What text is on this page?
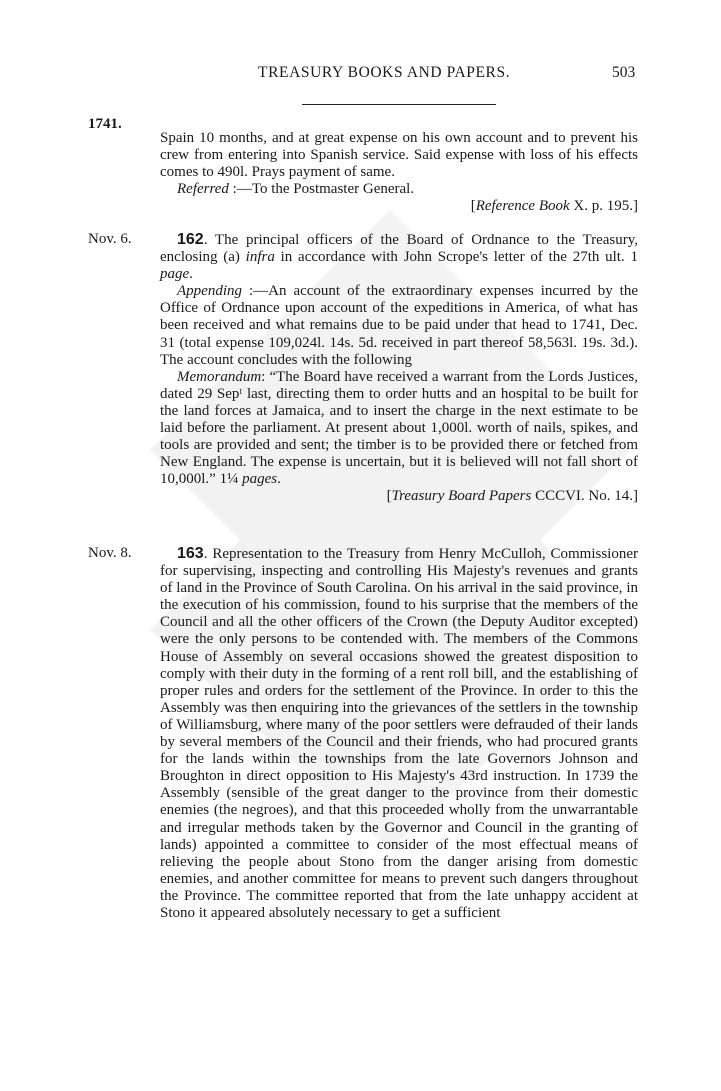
TREASURY BOOKS AND PAPERS.	503
1741.
Nov. 6.
Nov. 8.

Spain 10 months, and at great expense on his own account and to prevent his crew from entering into Spanish service. Said expense with loss of his effects comes to 490l. Prays payment of same.

Referred :—To the Postmaster General.

[Reference Book X. p. 195.]

162. The principal officers of the Board of Ordnance to the Treasury, enclosing (a) infra in accordance with John Scrope's letter of the 27th ult. 1 page.

Appending :—An account of the extraordinary expenses incurred by the Office of Ordnance upon account of the expeditions in America, of what has been received and what remains due to be paid under that head to 1741, Dec. 31 (total expense 109,024l. 14s. 5d. received in part thereof 58,563l. 19s. 3d.). The account concludes with the following

Memorandum: “The Board have received a warrant from the Lords Justices, dated 29 Sepᵗ last, directing them to order hutts and an hospital to be built for the land forces at Jamaica, and to insert the charge in the next estimate to be laid before the parliament. At present about 1,000l. worth of nails, spikes, and tools are provided and sent; the timber is to be provided there or fetched from New England. The expense is uncertain, but it is believed will not fall short of 10,000l.” 1¼ pages.

[Treasury Board Papers CCCVI. No. 14.]

163. Representation to the Treasury from Henry McCulloh, Commissioner for supervising, inspecting and controlling His Majesty's revenues and grants of land in the Province of South Carolina. On his arrival in the said province, in the execution of his commission, found to his surprise that the members of the Council and all the other officers of the Crown (the Deputy Auditor excepted) were the only persons to be contended with. The members of the Commons House of Assembly on several occasions showed the greatest disposition to comply with their duty in the forming of a rent roll bill, and the establishing of proper rules and orders for the settlement of the Province. In order to this the Assembly was then enquiring into the grievances of the settlers in the township of Williamsburg, where many of the poor settlers were defrauded of their lands by several members of the Council and their friends, who had procured grants for the lands within the townships from the late Governors Johnson and Broughton in direct opposition to His Majesty's 43rd instruction. In 1739 the Assembly (sensible of the great danger to the province from their domestic enemies (the negroes), and that this proceeded wholly from the unwarrantable and irregular methods taken by the Governor and Council in the granting of lands) appointed a committee to consider of the most effectual means of relieving the people about Stono from the danger arising from domestic enemies, and another committee for means to prevent such dangers throughout the Province. The committee reported that from the late unhappy accident at Stono it appeared absolutely necessary to get a sufficient
